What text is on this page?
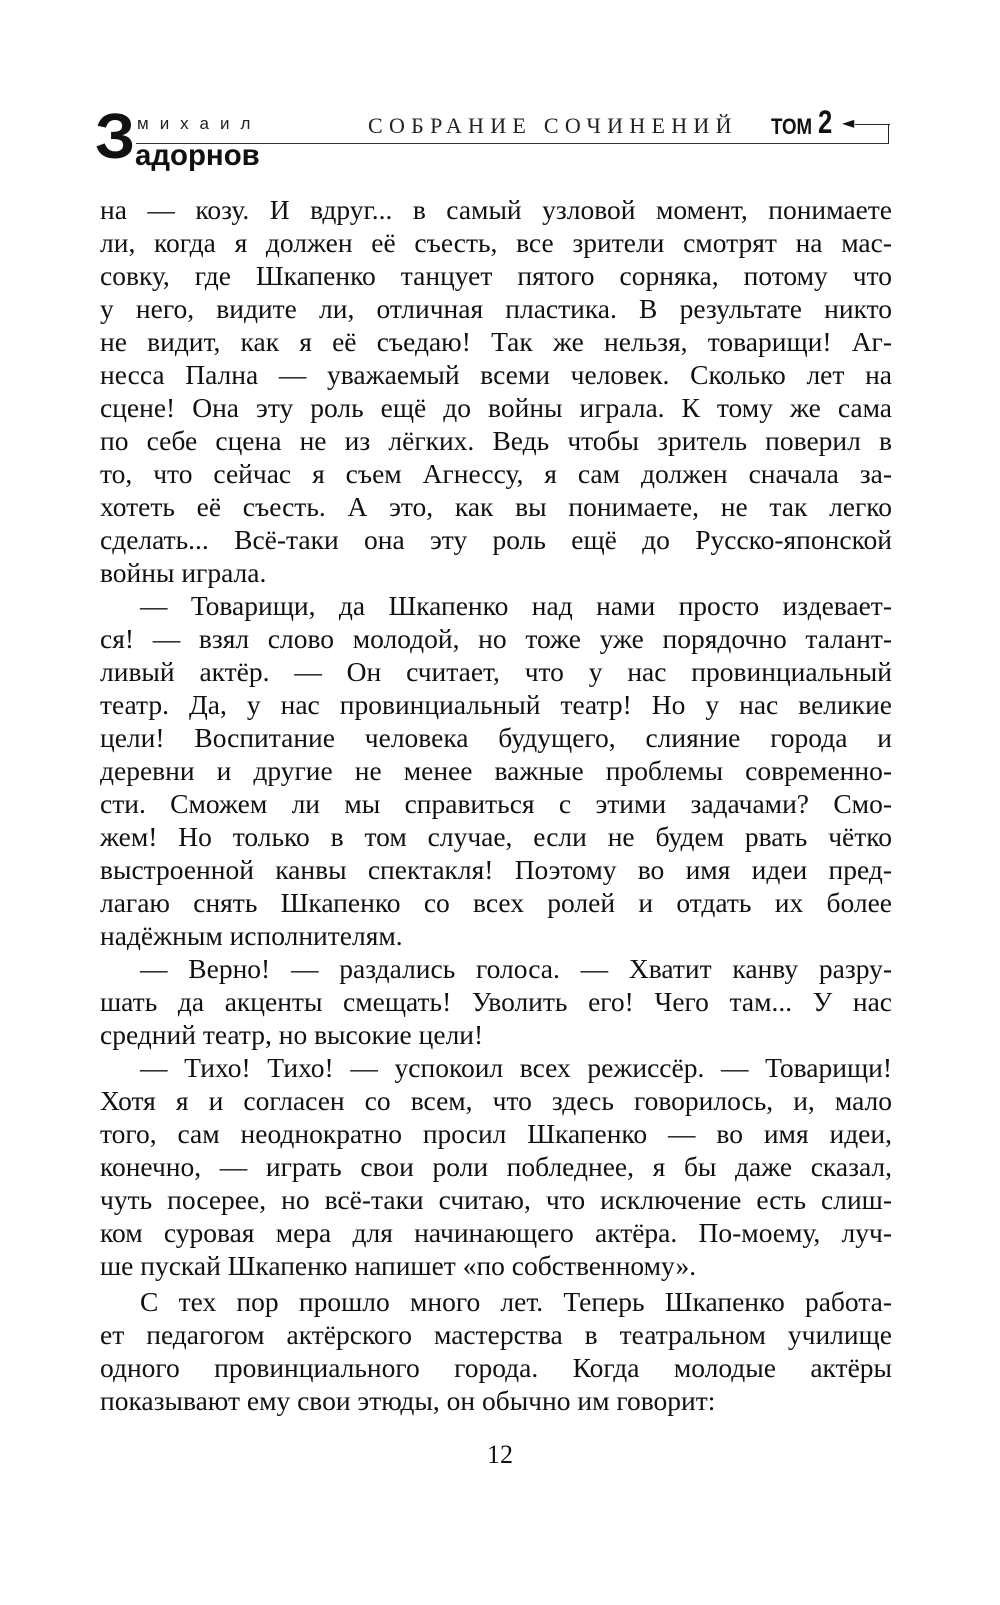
З михаил
адорнов
СОБРАНИЕ СОЧИНЕНИЙ ТОМ 2 ◄
на — козу. И вдруг... в самый узловой момент, понимаете
ли, когда я должен её съесть, все зрители смотрят на мас-
совку, где Шкапенко танцует пятого сорняка, потому что
у него, видите ли, отличная пластика. В результате никто
не видит, как я её съедаю! Так же нельзя, товарищи! Аг-
несса Пална — уважаемый всеми человек. Сколько лет на
сцене! Она эту роль ещё до войны играла. К тому же сама
по себе сцена не из лёгких. Ведь чтобы зритель поверил в
то, что сейчас я съем Агнессу, я сам должен сначала за-
хотеть её съесть. А это, как вы понимаете, не так легко
сделать... Всё-таки она эту роль ещё до Русско-японской
войны играла.
— Товарищи, да Шкапенко над нами просто издевает-
ся! — взял слово молодой, но тоже уже порядочно талант-
ливый актёр. — Он считает, что у нас провинциальный
театр. Да, у нас провинциальный театр! Но у нас великие
цели! Воспитание человека будущего, слияние города и
деревни и другие не менее важные проблемы современно-
сти. Сможем ли мы справиться с этими задачами? Смо-
жем! Но только в том случае, если не будем рвать чётко
выстроенной канвы спектакля! Поэтому во имя идеи пред-
лагаю снять Шкапенко со всех ролей и отдать их более
надёжным исполнителям.
— Верно! — раздались голоса. — Хватит канву разру-
шать да акценты смещать! Уволить его! Чего там... У нас
средний театр, но высокие цели!
— Тихо! Тихо! — успокоил всех режиссёр. — Товарищи!
Хотя я и согласен со всем, что здесь говорилось, и, мало
того, сам неоднократно просил Шкапенко — во имя идеи,
конечно, — играть свои роли побледнее, я бы даже сказал,
чуть посерее, но всё-таки считаю, что исключение есть слиш-
ком суровая мера для начинающего актёра. По-моему, луч-
ше пускай Шкапенко напишет «по собственному».
С тех пор прошло много лет. Теперь Шкапенко работа-
ет педагогом актёрского мастерства в театральном училище
одного провинциального города. Когда молодые актёры
показывают ему свои этюды, он обычно им говорит:
12
